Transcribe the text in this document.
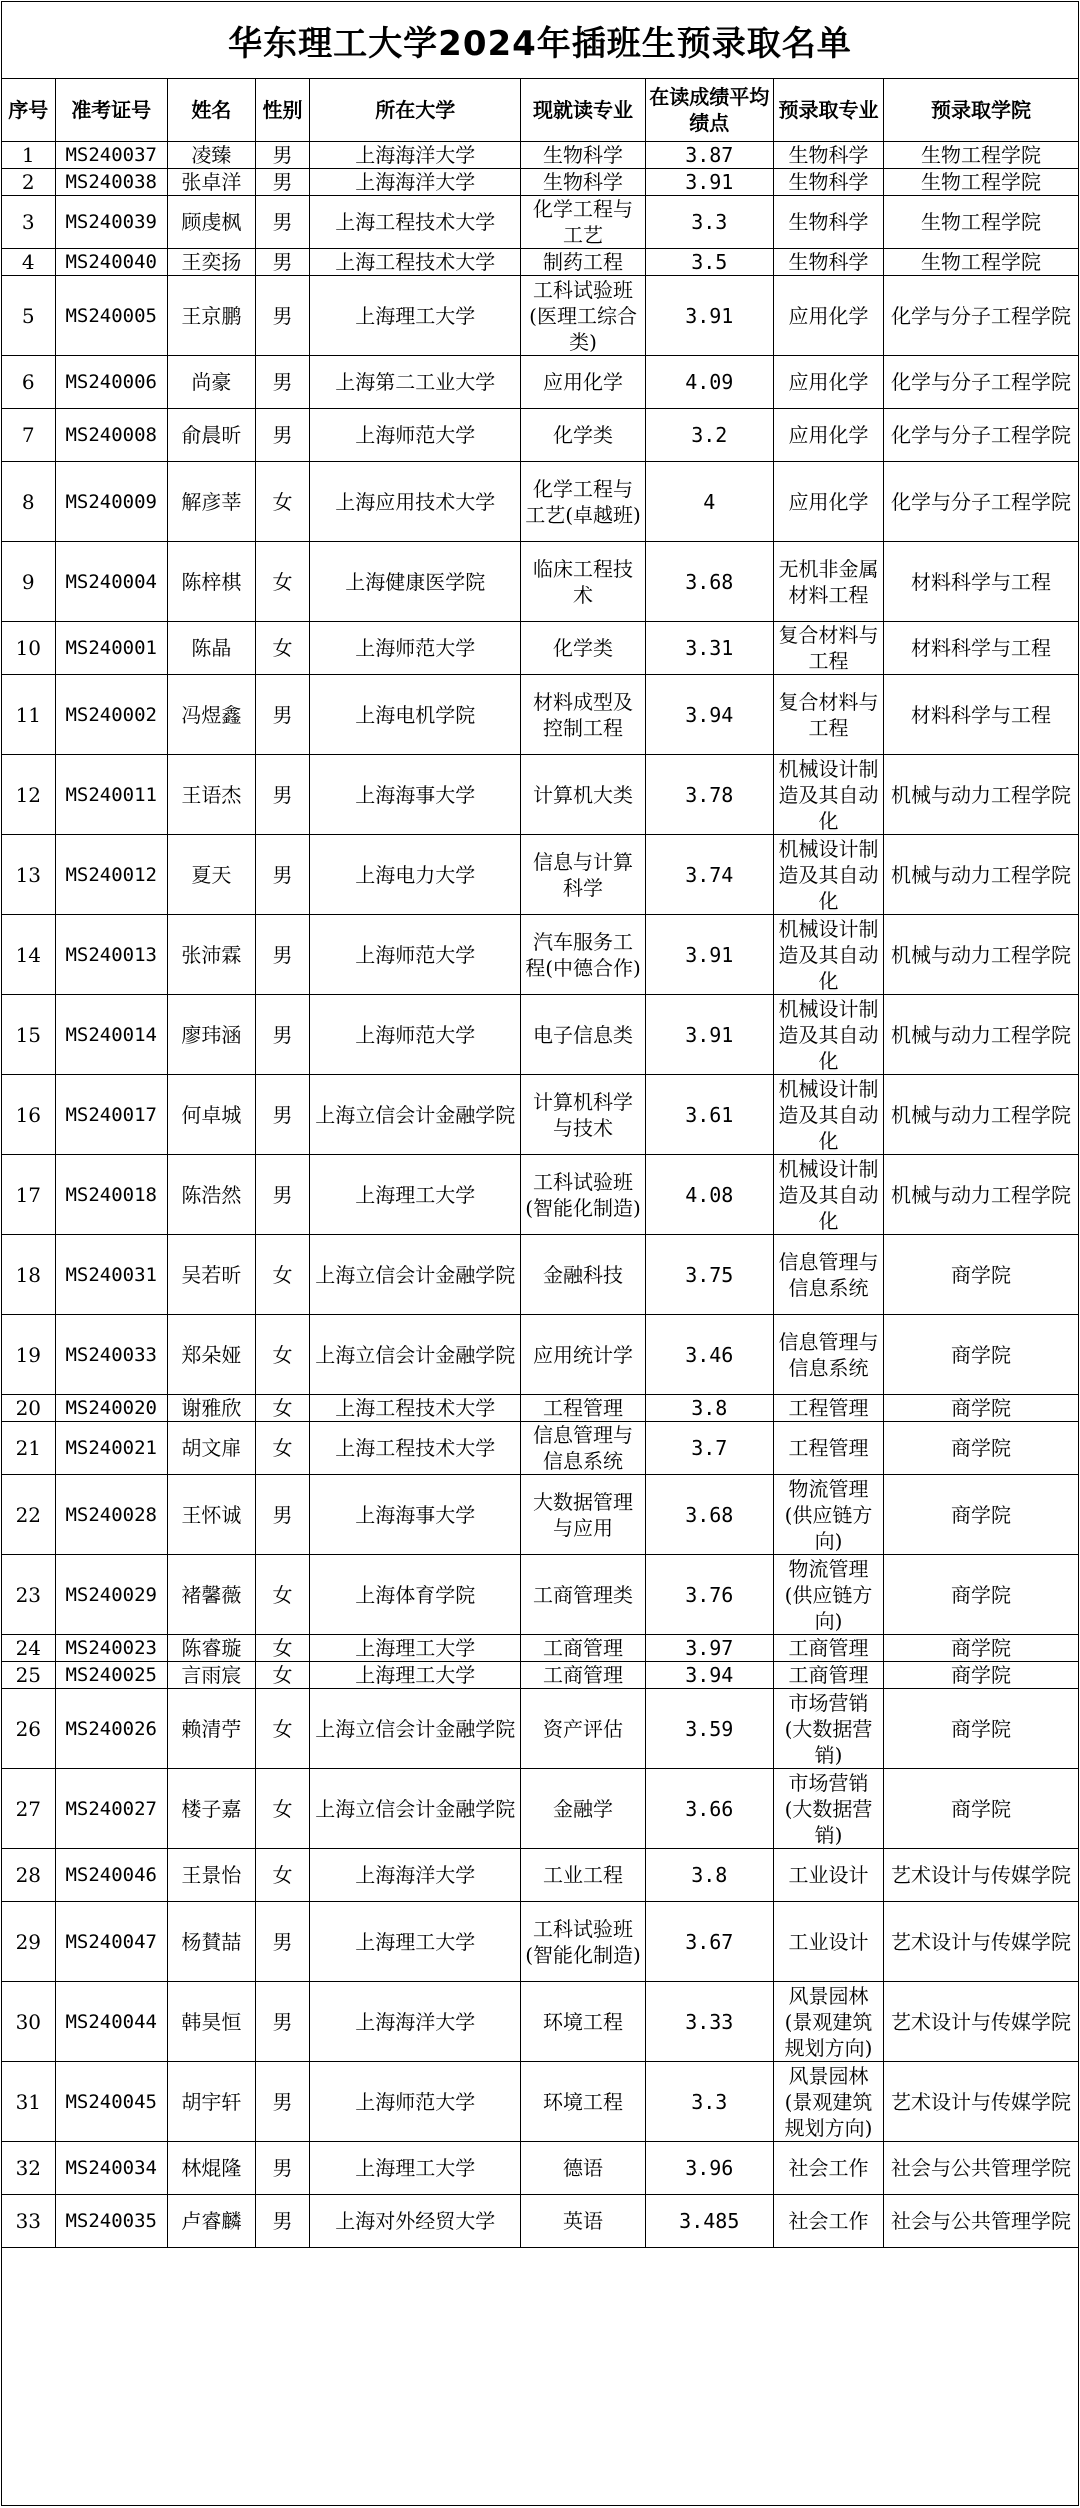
华东理工大学2024年插班生预录取名单
序号	准考证号	姓名	性别	所在大学	现就读专业	在读成绩平均绩点	预录取专业	预录取学院
1	MS240037	凌臻	男	上海海洋大学	生物科学	3.87	生物科学	生物工程学院
2	MS240038	张卓洋	男	上海海洋大学	生物科学	3.91	生物科学	生物工程学院
3	MS240039	顾虔枫	男	上海工程技术大学	化学工程与工艺	3.3	生物科学	生物工程学院
4	MS240040	王奕扬	男	上海工程技术大学	制药工程	3.5	生物科学	生物工程学院
5	MS240005	王京鹏	男	上海理工大学	工科试验班(医理工综合类)	3.91	应用化学	化学与分子工程学院
6	MS240006	尚豪	男	上海第二工业大学	应用化学	4.09	应用化学	化学与分子工程学院
7	MS240008	俞晨昕	男	上海师范大学	化学类	3.2	应用化学	化学与分子工程学院
8	MS240009	解彦莘	女	上海应用技术大学	化学工程与工艺(卓越班)	4	应用化学	化学与分子工程学院
9	MS240004	陈梓棋	女	上海健康医学院	临床工程技术	3.68	无机非金属材料工程	材料科学与工程
10	MS240001	陈晶	女	上海师范大学	化学类	3.31	复合材料与工程	材料科学与工程
11	MS240002	冯煜鑫	男	上海电机学院	材料成型及控制工程	3.94	复合材料与工程	材料科学与工程
12	MS240011	王语杰	男	上海海事大学	计算机大类	3.78	机械设计制造及其自动化	机械与动力工程学院
13	MS240012	夏天	男	上海电力大学	信息与计算科学	3.74	机械设计制造及其自动化	机械与动力工程学院
14	MS240013	张沛霖	男	上海师范大学	汽车服务工程(中德合作)	3.91	机械设计制造及其自动化	机械与动力工程学院
15	MS240014	廖玮涵	男	上海师范大学	电子信息类	3.91	机械设计制造及其自动化	机械与动力工程学院
16	MS240017	何卓城	男	上海立信会计金融学院	计算机科学与技术	3.61	机械设计制造及其自动化	机械与动力工程学院
17	MS240018	陈浩然	男	上海理工大学	工科试验班(智能化制造)	4.08	机械设计制造及其自动化	机械与动力工程学院
18	MS240031	吴若昕	女	上海立信会计金融学院	金融科技	3.75	信息管理与信息系统	商学院
19	MS240033	郑朵娅	女	上海立信会计金融学院	应用统计学	3.46	信息管理与信息系统	商学院
20	MS240020	谢雅欣	女	上海工程技术大学	工程管理	3.8	工程管理	商学院
21	MS240021	胡文扉	女	上海工程技术大学	信息管理与信息系统	3.7	工程管理	商学院
22	MS240028	王怀诚	男	上海海事大学	大数据管理与应用	3.68	物流管理(供应链方向)	商学院
23	MS240029	褚馨薇	女	上海体育学院	工商管理类	3.76	物流管理(供应链方向)	商学院
24	MS240023	陈睿璇	女	上海理工大学	工商管理	3.97	工商管理	商学院
25	MS240025	言雨宸	女	上海理工大学	工商管理	3.94	工商管理	商学院
26	MS240026	赖清苧	女	上海立信会计金融学院	资产评估	3.59	市场营销(大数据营销)	商学院
27	MS240027	楼子嘉	女	上海立信会计金融学院	金融学	3.66	市场营销(大数据营销)	商学院
28	MS240046	王景怡	女	上海海洋大学	工业工程	3.8	工业设计	艺术设计与传媒学院
29	MS240047	杨賛喆	男	上海理工大学	工科试验班(智能化制造)	3.67	工业设计	艺术设计与传媒学院
30	MS240044	韩昊恒	男	上海海洋大学	环境工程	3.33	风景园林(景观建筑规划方向)	艺术设计与传媒学院
31	MS240045	胡宇轩	男	上海师范大学	环境工程	3.3	风景园林(景观建筑规划方向)	艺术设计与传媒学院
32	MS240034	林焜隆	男	上海理工大学	德语	3.96	社会工作	社会与公共管理学院
33	MS240035	卢睿麟	男	上海对外经贸大学	英语	3.485	社会工作	社会与公共管理学院
